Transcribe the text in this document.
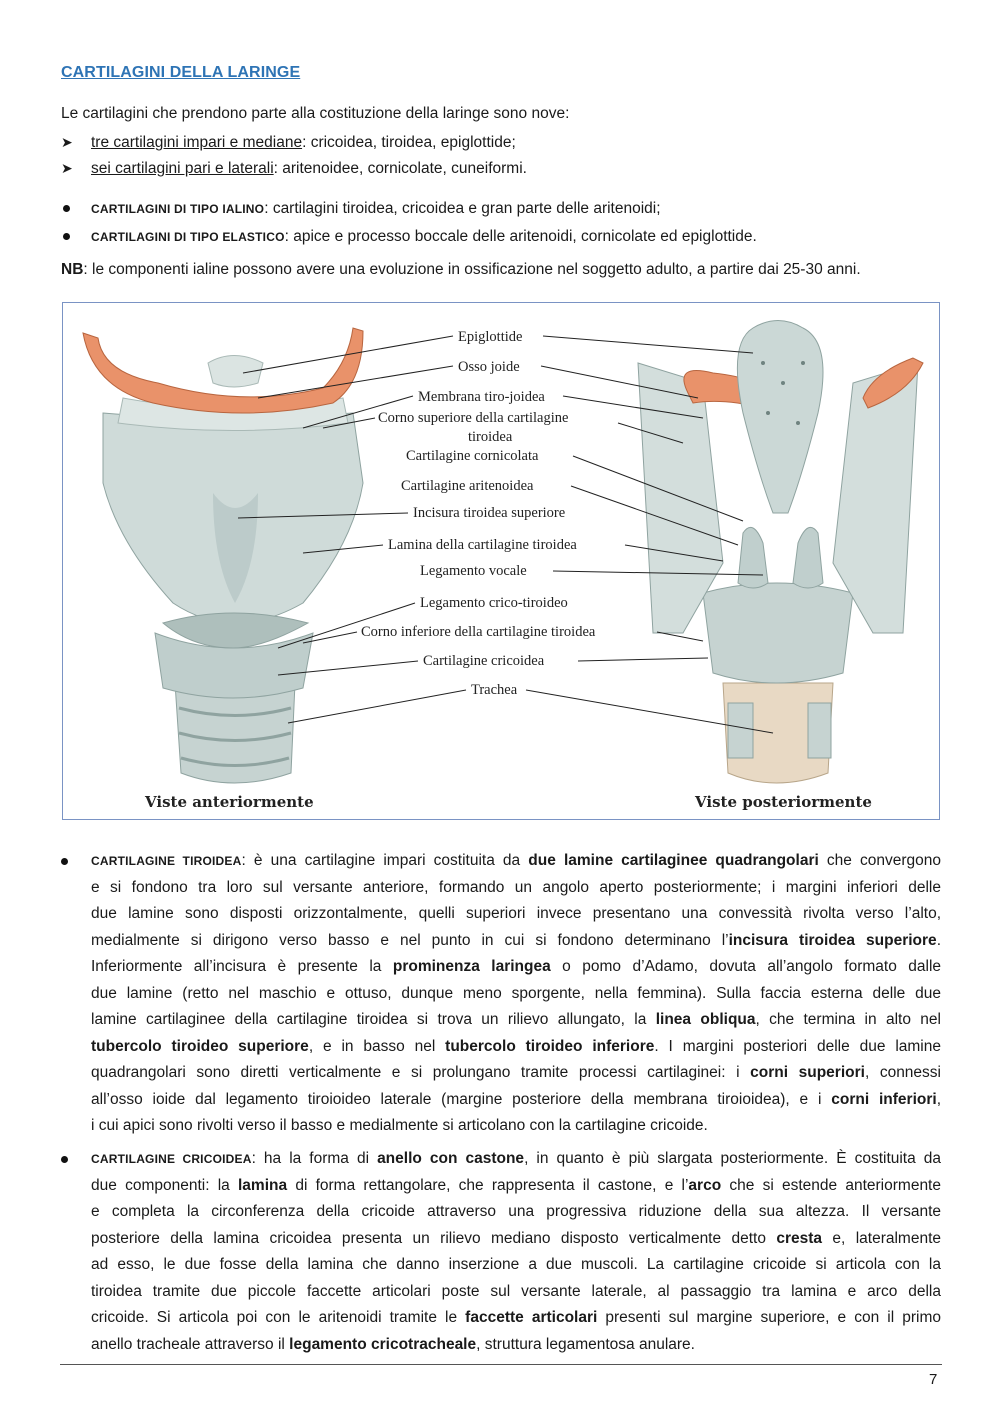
CARTILAGINI DELLA LARINGE
Le cartilagini che prendono parte alla costituzione della laringe sono nove:
➤ tre cartilagini impari e mediane: cricoidea, tiroidea, epiglottide;
➤ sei cartilagini pari e laterali: aritenoidee, cornicolate, cuneiformi.
CARTILAGINI DI TIPO IALINO: cartilagini tiroidea, cricoidea e gran parte delle aritenoidi;
CARTILAGINI DI TIPO ELASTICO: apice e processo boccale delle aritenoidi, cornicolate ed epiglottide.
NB: le componenti ialine possono avere una evoluzione in ossificazione nel soggetto adulto, a partire dai 25-30 anni.
Epiglottide
Osso joide
Membrana tiro-joidea
Corno superiore della cartilagine
tiroidea
Cartilagine cornicolata
Cartilagine aritenoidea
Incisura tiroidea superiore
Lamina della cartilagine tiroidea
Legamento vocale
Legamento crico-tiroideo
Corno inferiore della cartilagine tiroidea
Cartilagine cricoidea
Trachea
Viste anteriormente	Viste posteriormente
CARTILAGINE TIROIDEA: è una cartilagine impari costituita da due lamine cartilaginee quadrangolari che convergono
e si fondono tra loro sul versante anteriore, formando un angolo aperto posteriormente; i margini inferiori delle
due lamine sono disposti orizzontalmente, quelli superiori invece presentano una convessità rivolta verso l’alto,
medialmente si dirigono verso basso e nel punto in cui si fondono determinano l’incisura tiroidea superiore.
Inferiormente all’incisura è presente la prominenza laringea o pomo d’Adamo, dovuta all’angolo formato dalle
due lamine (retto nel maschio e ottuso, dunque meno sporgente, nella femmina). Sulla faccia esterna delle due
lamine cartilaginee della cartilagine tiroidea si trova un rilievo allungato, la linea obliqua, che termina in alto nel
tubercolo tiroideo superiore, e in basso nel tubercolo tiroideo inferiore. I margini posteriori delle due lamine
quadrangolari sono diretti verticalmente e si prolungano tramite processi cartilaginei: i corni superiori, connessi
all’osso ioide dal legamento tiroioideo laterale (margine posteriore della membrana tiroioidea), e i corni inferiori,
i cui apici sono rivolti verso il basso e medialmente si articolano con la cartilagine cricoide.
CARTILAGINE CRICOIDEA: ha la forma di anello con castone, in quanto è più slargata posteriormente. È costituita da
due componenti: la lamina di forma rettangolare, che rappresenta il castone, e l’arco che si estende anteriormente
e completa la circonferenza della cricoide attraverso una progressiva riduzione della sua altezza. Il versante
posteriore della lamina cricoidea presenta un rilievo mediano disposto verticalmente detto cresta e, lateralmente
ad esso, le due fosse della lamina che danno inserzione a due muscoli. La cartilagine cricoide si articola con la
tiroidea tramite due piccole faccette articolari poste sul versante laterale, al passaggio tra lamina e arco della
cricoide. Si articola poi con le aritenoidi tramite le faccette articolari presenti sul margine superiore, e con il primo
anello tracheale attraverso il legamento cricotracheale, struttura legamentosa anulare.
7
